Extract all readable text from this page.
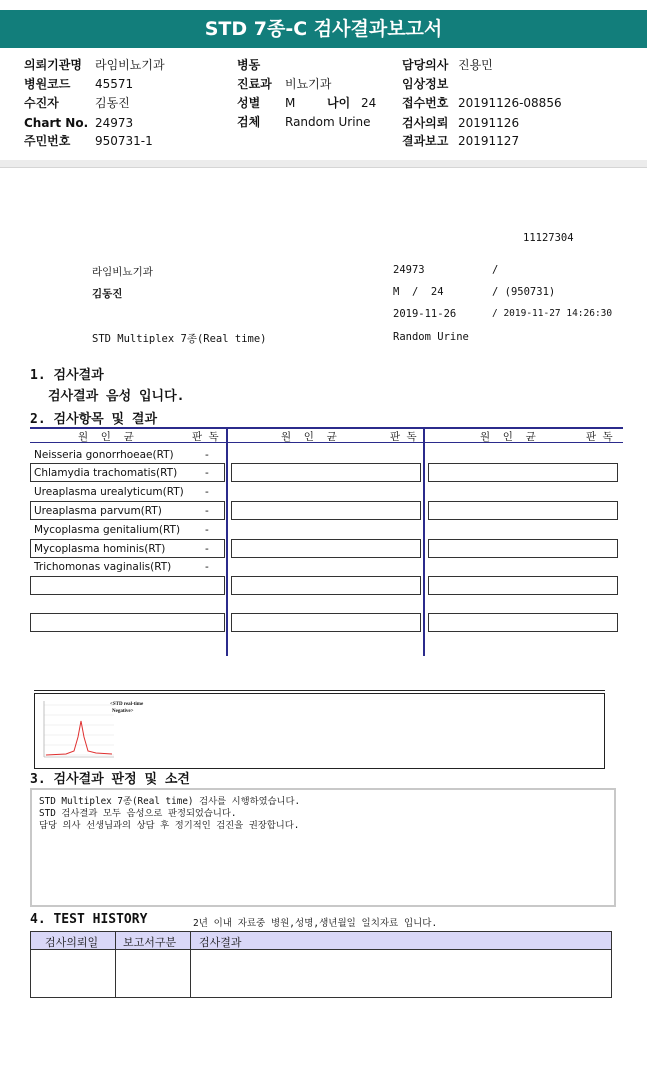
STD 7종-C 검사결과보고서
의뢰기관명 라임비뇨기과
병원코드 45571
수진자	김동진
Chart No. 24973
주민번호 950731-1
병동
진료과 비뇨기과
성별 M	나이 24
검체 Random Urine
담당의사 진용민
임상정보
접수번호 20191126-08856
검사의뢰 20191126
결과보고 20191127
11127304
라임비뇨기과	24973	/
김동진	M  /  24	/ (950731)
2019-11-26	/ 2019-11-27 14:26:30
STD Multiplex 7종(Real time)	Random Urine
1. 검사결과
검사결과 음성 입니다.
2. 검사항목 및 결과
원  인  균	판 독	원  인  균	판 독	원  인  균	판 독
Neisseria gonorrhoeae(RT)	-
Chlamydia trachomatis(RT)	-
Ureaplasma urealyticum(RT) -
Ureaplasma parvum(RT)	-
Mycoplasma genitalium(RT) -
Mycoplasma hominis(RT)	-
Trichomonas vaginalis(RT)	-
<STD real-time
Negative>
3. 검사결과 판정 및 소견
STD Multiplex 7종(Real time) 검사를 시행하였습니다.
STD 검사결과 모두 음성으로 판정되었습니다.
담당 의사 선생님과의 상담 후 정기적인 검진을 권장합니다.
4. TEST HISTORY	2년 이내 자료중 병원,성명,생년월일 일치자료 입니다.
검사의뢰일 보고서구분 검사결과
